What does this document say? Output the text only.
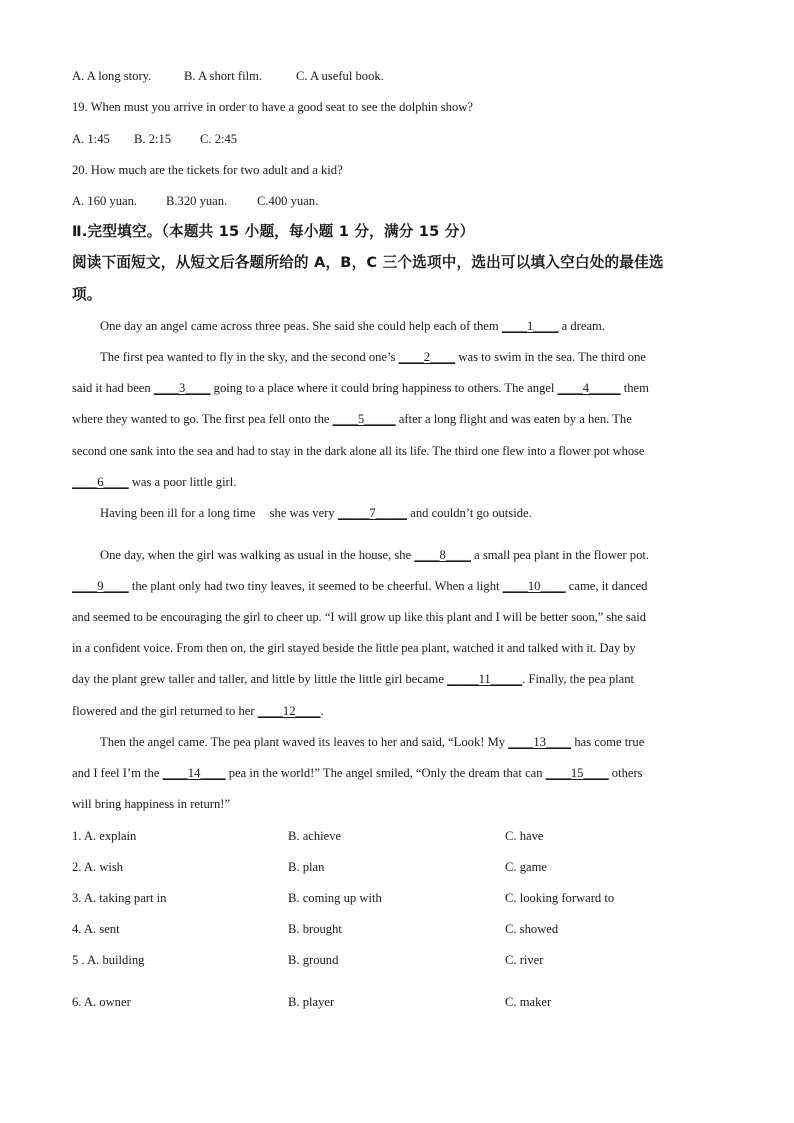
A. A long story.	B. A short film.	C. A useful book.
19. When must you arrive in order to have a good seat to see the dolphin show?
A. 1:45 B. 2:15 C. 2:45
20. How much are the tickets for two adult and a kid?
A. 160 yuan. B.320 yuan. C.400 yuan.
Ⅱ.完型填空。（本题共 15 小题，每小题 1 分，满分 15 分）
阅读下面短文，从短文后各题所给的 A，B，C 三个选项中，选出可以填入空白处的最佳选
项。
One day an angel came across three peas. She said she could help each of them ____1____ a dream.
The first pea wanted to fly in the sky, and the second one’s ____2____ was to swim in the sea. The third one
said it had been ____3____ going to a place where it could bring happiness to others. The angel ____4_____ them
where they wanted to go. The first pea fell onto the ____5_____ after a long flight and was eaten by a hen. The
second one sank into the sea and had to stay in the dark alone all its life. The third one flew into a flower pot whose
____6____ was a poor little girl.
Having been ill for a long time she was very _____7_____ and couldn’t go outside.
One day, when the girl was walking as usual in the house, she ____8____ a small pea plant in the flower pot.
____9____ the plant only had two tiny leaves, it seemed to be cheerful. When a light ____10____ came, it danced
and seemed to be encouraging the girl to cheer up. “I will grow up like this plant and I will be better soon,” she said
in a confident voice. From then on, the girl stayed beside the little pea plant, watched it and talked with it. Day by
day the plant grew taller and taller, and little by little the little girl became _____11_____. Finally, the pea plant
flowered and the girl returned to her ____12____.
Then the angel came. The pea plant waved its leaves to her and said, “Look! My ____13____ has come true
and I feel I’m the ____14____ pea in the world!” The angel smiled, “Only the dream that can ____15____ others
will bring happiness in return!”
1. A. explain	B. achieve	C. have
2. A. wish	B. plan	C. game
3. A. taking part in	B. coming up with	C. looking forward to
4. A. sent	B. brought	C. showed
5 . A. building	B. ground	C. river
6. A. owner	B. player	C. maker
